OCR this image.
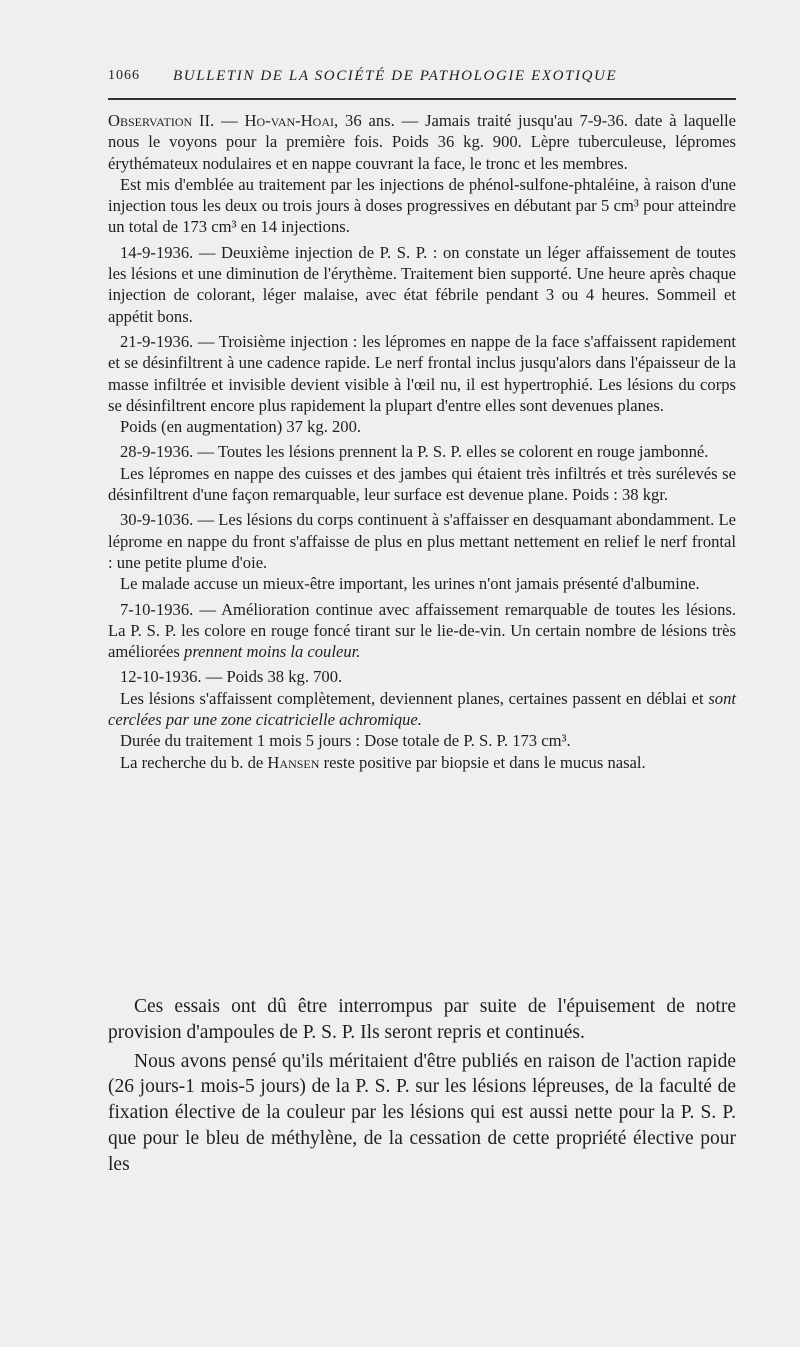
1066 BULLETIN DE LA SOCIÉTÉ DE PATHOLOGIE EXOTIQUE

Observation II. — Ho-van-Hoai, 36 ans. — Jamais traité jusqu'au 7-9-36. date à laquelle nous le voyons pour la première fois. Poids 36 kg. 900. Lèpre tuberculeuse, lépromes érythémateux nodulaires et en nappe couvrant la face, le tronc et les membres.

Est mis d'emblée au traitement par les injections de phénol-sulfone-phtaléine, à raison d'une injection tous les deux ou trois jours à doses progressives en débutant par 5 cm³ pour atteindre un total de 173 cm³ en 14 injections.

14-9-1936. — Deuxième injection de P. S. P. : on constate un léger affaissement de toutes les lésions et une diminution de l'érythème. Traitement bien supporté. Une heure après chaque injection de colorant, léger malaise, avec état fébrile pendant 3 ou 4 heures. Sommeil et appétit bons.

21-9-1936. — Troisième injection : les lépromes en nappe de la face s'affaissent rapidement et se désinfiltrent à une cadence rapide. Le nerf frontal inclus jusqu'alors dans l'épaisseur de la masse infiltrée et invisible devient visible à l'œil nu, il est hypertrophié. Les lésions du corps se désinfiltrent encore plus rapidement la plupart d'entre elles sont devenues planes.

Poids (en augmentation) 37 kg. 200.

28-9-1936. — Toutes les lésions prennent la P. S. P. elles se colorent en rouge jambonné.

Les lépromes en nappe des cuisses et des jambes qui étaient très infiltrés et très surélevés se désinfiltrent d'une façon remarquable, leur surface est devenue plane. Poids : 38 kgr.

30-9-1036. — Les lésions du corps continuent à s'affaisser en desquamant abondamment. Le léprome en nappe du front s'affaisse de plus en plus mettant nettement en relief le nerf frontal : une petite plume d'oie.

Le malade accuse un mieux-être important, les urines n'ont jamais présenté d'albumine.

7-10-1936. — Amélioration continue avec affaissement remarquable de toutes les lésions. La P. S. P. les colore en rouge foncé tirant sur le lie-de-vin. Un certain nombre de lésions très améliorées prennent moins la couleur.

12-10-1936. — Poids 38 kg. 700.

Les lésions s'affaissent complètement, deviennent planes, certaines passent en déblai et sont cerclées par une zone cicatricielle achromique.

Durée du traitement 1 mois 5 jours : Dose totale de P. S. P. 173 cm³.

La recherche du b. de Hansen reste positive par biopsie et dans le mucus nasal.

Ces essais ont dû être interrompus par suite de l'épuisement de notre provision d'ampoules de P. S. P. Ils seront repris et continués.

Nous avons pensé qu'ils méritaient d'être publiés en raison de l'action rapide (26 jours-1 mois-5 jours) de la P. S. P. sur les lésions lépreuses, de la faculté de fixation élective de la couleur par les lésions qui est aussi nette pour la P. S. P. que pour le bleu de méthylène, de la cessation de cette propriété élective pour les
